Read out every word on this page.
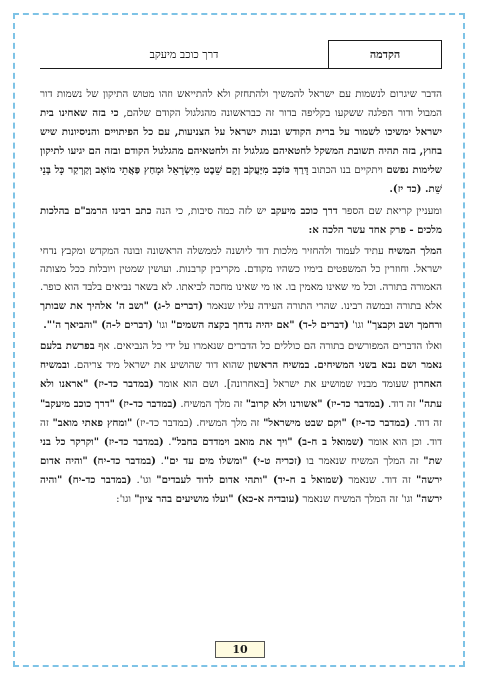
הקדמה
דרך כוכב מיעקב

הדבר שיגרום לנשמות עם ישראל להמשיך ולהתחזק ולא להתייאש וזהו מטוש התיקון של נשמות דור המבול ודור הפלגה ששקעו בקליפה בדור זה כבראשונה מהגלגול הקודם שלהם, כי בזה שאחינו בית ישראל ימשיכו לשמור על ברית הקודש ובנות ישראל על הצניעות, עם כל הפיתויים והניסיונות שיש בחוץ, בזה תהיה תשובת המשקל לחטאיהם מגלגול זה ולחטאיהם מהגלגול הקודם ובזה הם יגיעו לתיקון שלימות נפשם ויתקיים בנו הכתוב דָּרַךְ כּוֹכָב מִיַּעֲקֹב וְקָם שֵׁבֶט מִיִּשְׂרָאֵל וּמָחַץ פַּאֲתֵי מוֹאָב וְקַרְקַר כָּל בְּנֵי שֵׁת. (כד יז).

ומעניין קריאת שם הספר דרך כוכב מיעקב יש לזה כמה סיבות, כי הנה כתב רבינו הרמב"ם בהלכות מלכים - פרק אחד עשר הלכה א:

המלך המשיח עתיד לעמוד ולהחזיר מלכות דוד ליושנה לממשלה הראשונה ובונה המקדש ומקבץ נדחי ישראל. וחוזרין כל המשפטים בימיו כשהיו מקודם. מקריבין קרבנות. ועושין שמטין ויובלות ככל מצותה האמורה בתורה. וכל מי שאינו מאמין בו. או מי שאינו מחכה לביאתו. לא בשאר נביאים בלבד הוא כופר. אלא בתורה ובמשה רבינו. שהרי התורה העידה עליו שנאמר (דברים ל-ג) "ושב ה' אלהיך את שבותך ורחמך ושב וקבצך" וגו' (דברים ל-ד) "אם יהיה נדחך בקצה השמים" וגו' (דברים ל-ה) "והביאך ה'".

ואלו הדברים המפורשים בתורה הם כוללים כל הדברים שנאמרו על ידי כל הנביאים. אף בפרשת בלעם נאמר ושם נבא בשני המשיחים. במשיח הראשון שהוא דוד שהושיע את ישראל מיד צריהם. ובמשיח האחרון שעומד מבניו שמושיע את ישראל [באחרונה]. ושם הוא אומר (במדבר כד-יז) "אראנו ולא עתה" זה דוד. (במדבר כד-יז) "אשורנו ולא קרוב" זה מלך המשיח. (במדבר כד-יז) "דרך כוכב מיעקב" זה דוד. (במדבר כד-יז) "וקם שבט מישראל" זה מלך המשיח. (במדבר כד-יז) "ומחץ פאתי מואב" זה דוד. וכן הוא אומר (שמואל ב ח-ב) "ויך את מואב וימדדם בחבל". (במדבר כד-יז) "וקרקר כל בני שת" זה המלך המשיח שנאמר בו (זכריה ט-י) "ומשלו מים עד ים". (במדבר כד-יח) "והיה אדום ירשה" זה דוד. שנאמר (שמואל ב ח-יד) "ותהי אדום לדוד לעבדים" וגו'. (במדבר כד-יח) "והיה ירשה" וגו' זה המלך המשיח שנאמר (עובדיה א-כא) "ועלו מושיעים בהר ציון" וגו':

10
